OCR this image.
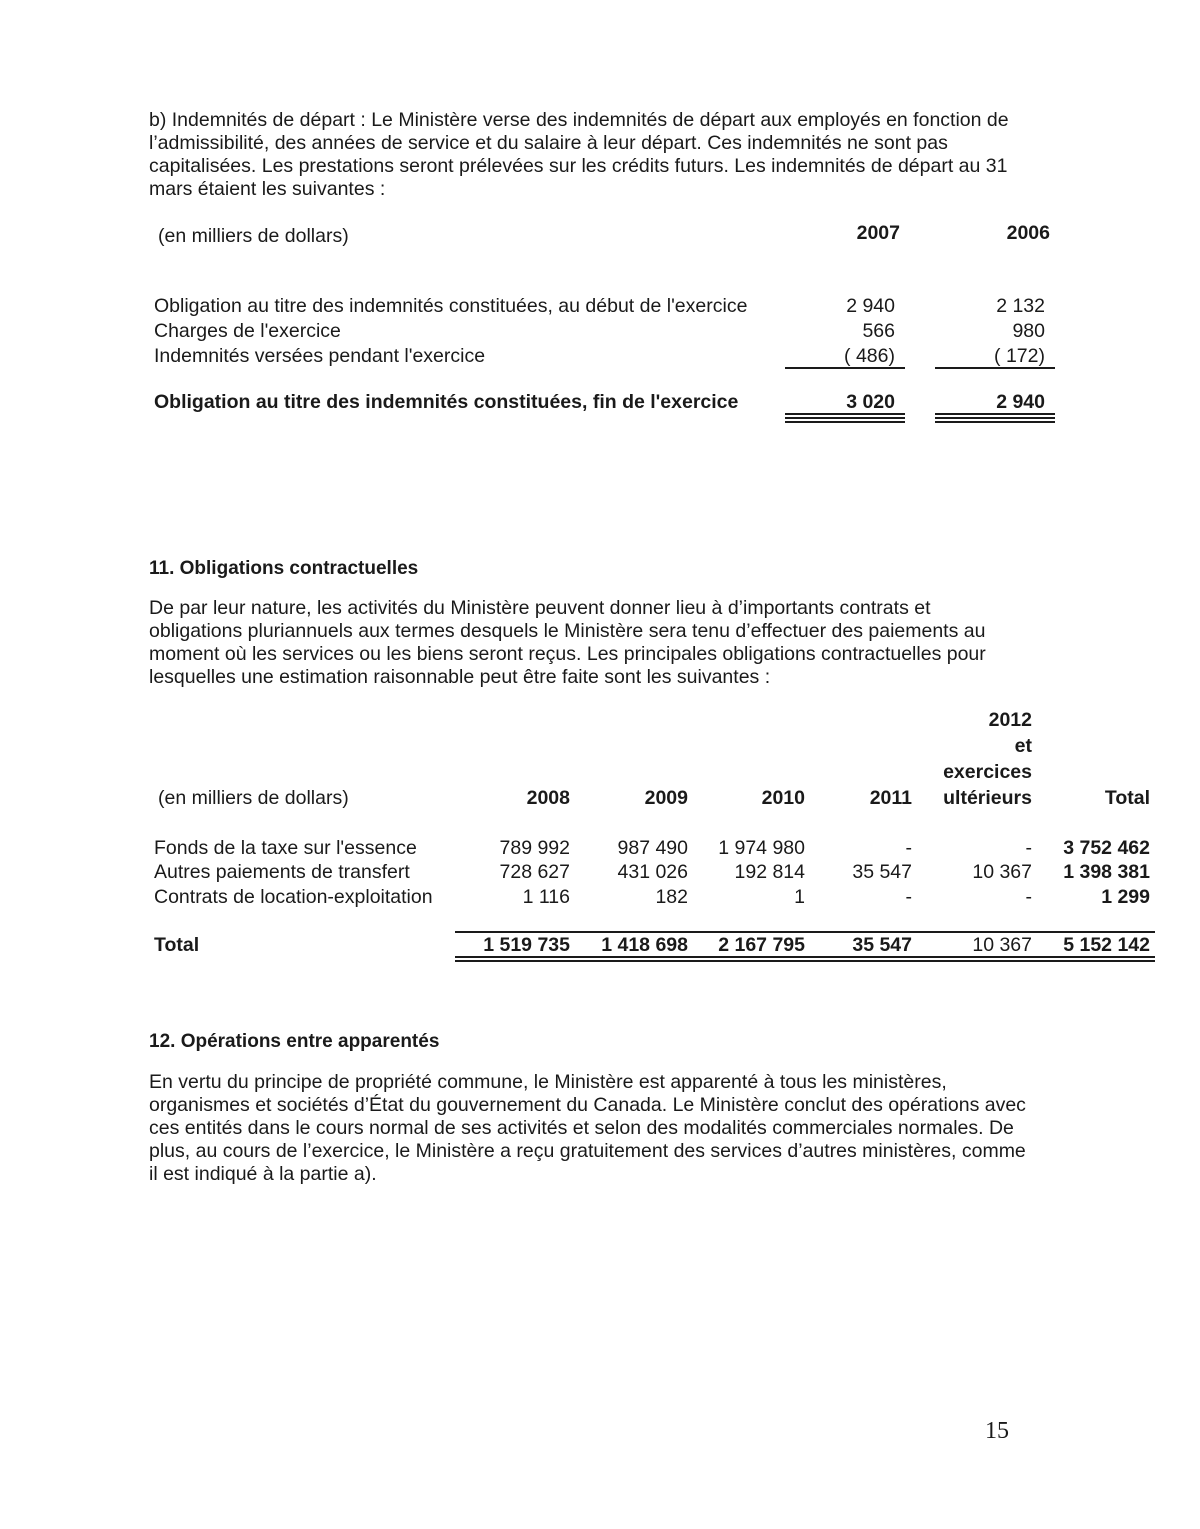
b) Indemnités de départ : Le Ministère verse des indemnités de départ aux employés en fonction de l’admissibilité, des années de service et du salaire à leur départ. Ces indemnités ne sont pas capitalisées. Les prestations seront prélevées sur les crédits futurs. Les indemnités de départ au 31 mars étaient les suivantes :

(en milliers de dollars)	2007	2006
Obligation au titre des indemnités constituées, au début de l'exercice	2 940	2 132
Charges de l'exercice	566	980
Indemnités versées pendant l'exercice	( 486)	( 172)
Obligation au titre des indemnités constituées, fin de l'exercice	3 020	2 940
11. Obligations contractuelles

De par leur nature, les activités du Ministère peuvent donner lieu à d’importants contrats et obligations pluriannuels aux termes desquels le Ministère sera tenu d’effectuer des paiements au moment où les services ou les biens seront reçus. Les principales obligations contractuelles pour lesquelles une estimation raisonnable peut être faite sont les suivantes :

2012
et
exercices
(en milliers de dollars)	2008	2009	2010	2011	ultérieurs	Total
Fonds de la taxe sur l'essence	789 992	987 490	1 974 980	-	-	3 752 462
Autres paiements de transfert	728 627	431 026	192 814	35 547	10 367	1 398 381
Contrats de location-exploitation	1 116	182	1	-	-	1 299
Total	1 519 735	1 418 698	2 167 795	35 547	10 367	5 152 142
12. Opérations entre apparentés

En vertu du principe de propriété commune, le Ministère est apparenté à tous les ministères, organismes et sociétés d’État du gouvernement du Canada. Le Ministère conclut des opérations avec ces entités dans le cours normal de ses activités et selon des modalités commerciales normales. De plus, au cours de l’exercice, le Ministère a reçu gratuitement des services d’autres ministères, comme il est indiqué à la partie a).

15
